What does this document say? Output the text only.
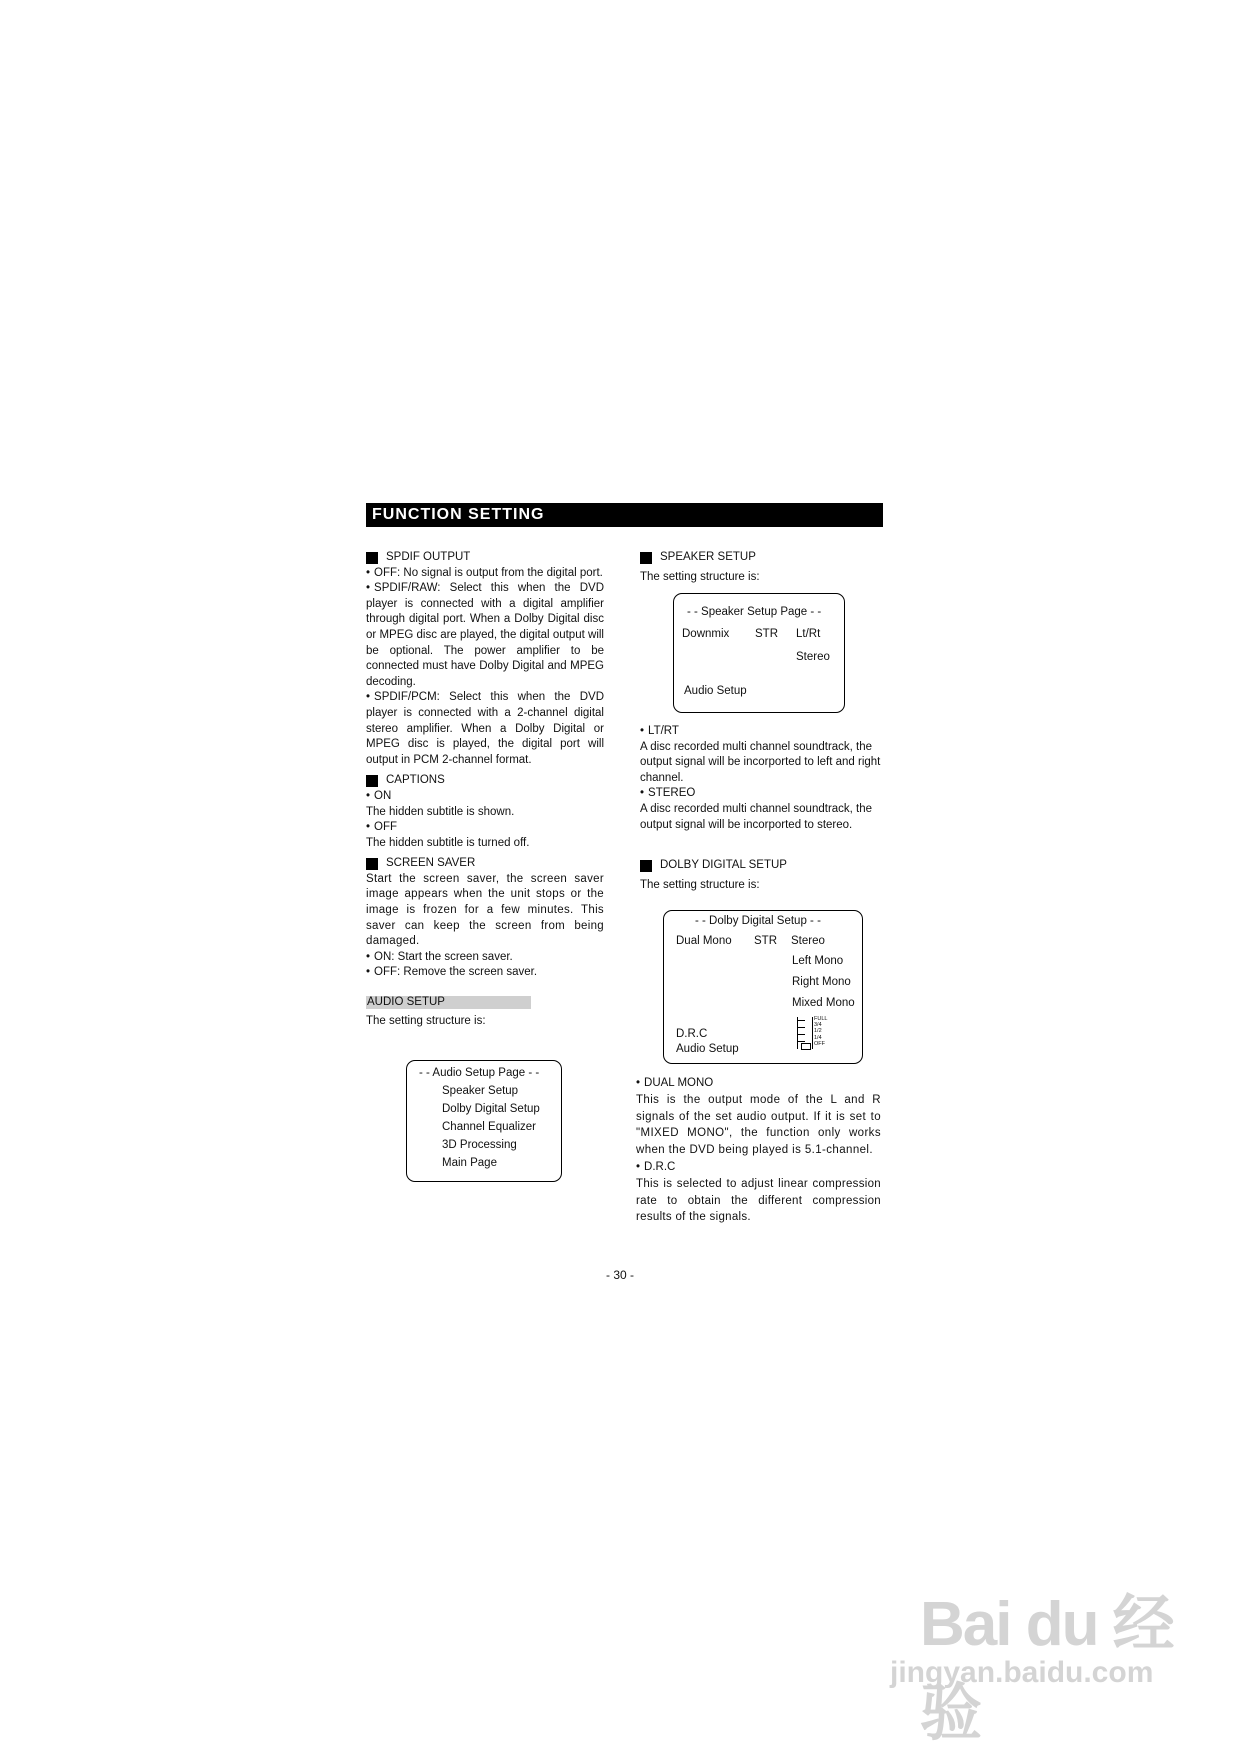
FUNCTION SETTING

SPDIF OUTPUT

• OFF: No signal is output from the digital port.

• SPDIF/RAW: Select this when the DVD player is connected with a digital amplifier through digital port. When a Dolby Digital disc or MPEG disc are played, the digital output will be optional. The power amplifier to be connected must have Dolby Digital and MPEG decoding.

• SPDIF/PCM: Select this when the DVD player is connected with a 2-channel digital stereo amplifier. When a Dolby Digital or MPEG disc is played, the digital port will output in PCM 2-channel format.

CAPTIONS

• ON

The hidden subtitle is shown.

• OFF

The hidden subtitle is turned off.

SCREEN SAVER

Start the screen saver, the screen saver image appears when the unit stops or the image is frozen for a few minutes. This saver can keep the screen from being damaged.

• ON: Start the screen saver.

• OFF: Remove the screen saver.

AUDIO SETUP

The setting structure is:

- - Audio Setup Page - -
Speaker Setup
Dolby Digital Setup
Channel Equalizer
3D Processing
Main Page

SPEAKER SETUP

The setting structure is:

- - Speaker Setup Page - -
Downmix STR Lt/Rt
Stereo
Audio Setup

• LT/RT

A disc recorded multi channel soundtrack, the output signal will be incorported to left and right channel.

• STEREO

A disc recorded multi channel soundtrack, the output signal will be incorported to stereo.

DOLBY DIGITAL SETUP

The setting structure is:

- - Dolby Digital Setup - -
Dual Mono STR Stereo
Left Mono
Right Mono
Mixed Mono
D.R.C
Audio Setup
FULL
3/4
1/2
1/4
OFF

• DUAL MONO

This is the output mode of the L and R signals of the set audio output. If it is set to "MIXED MONO", the function only works when the DVD being played is 5.1-channel.

• D.R.C

This is selected to adjust linear compression rate to obtain the different compression results of the signals.

- 30 -
Bai du 经验
jingyan.baidu.com
